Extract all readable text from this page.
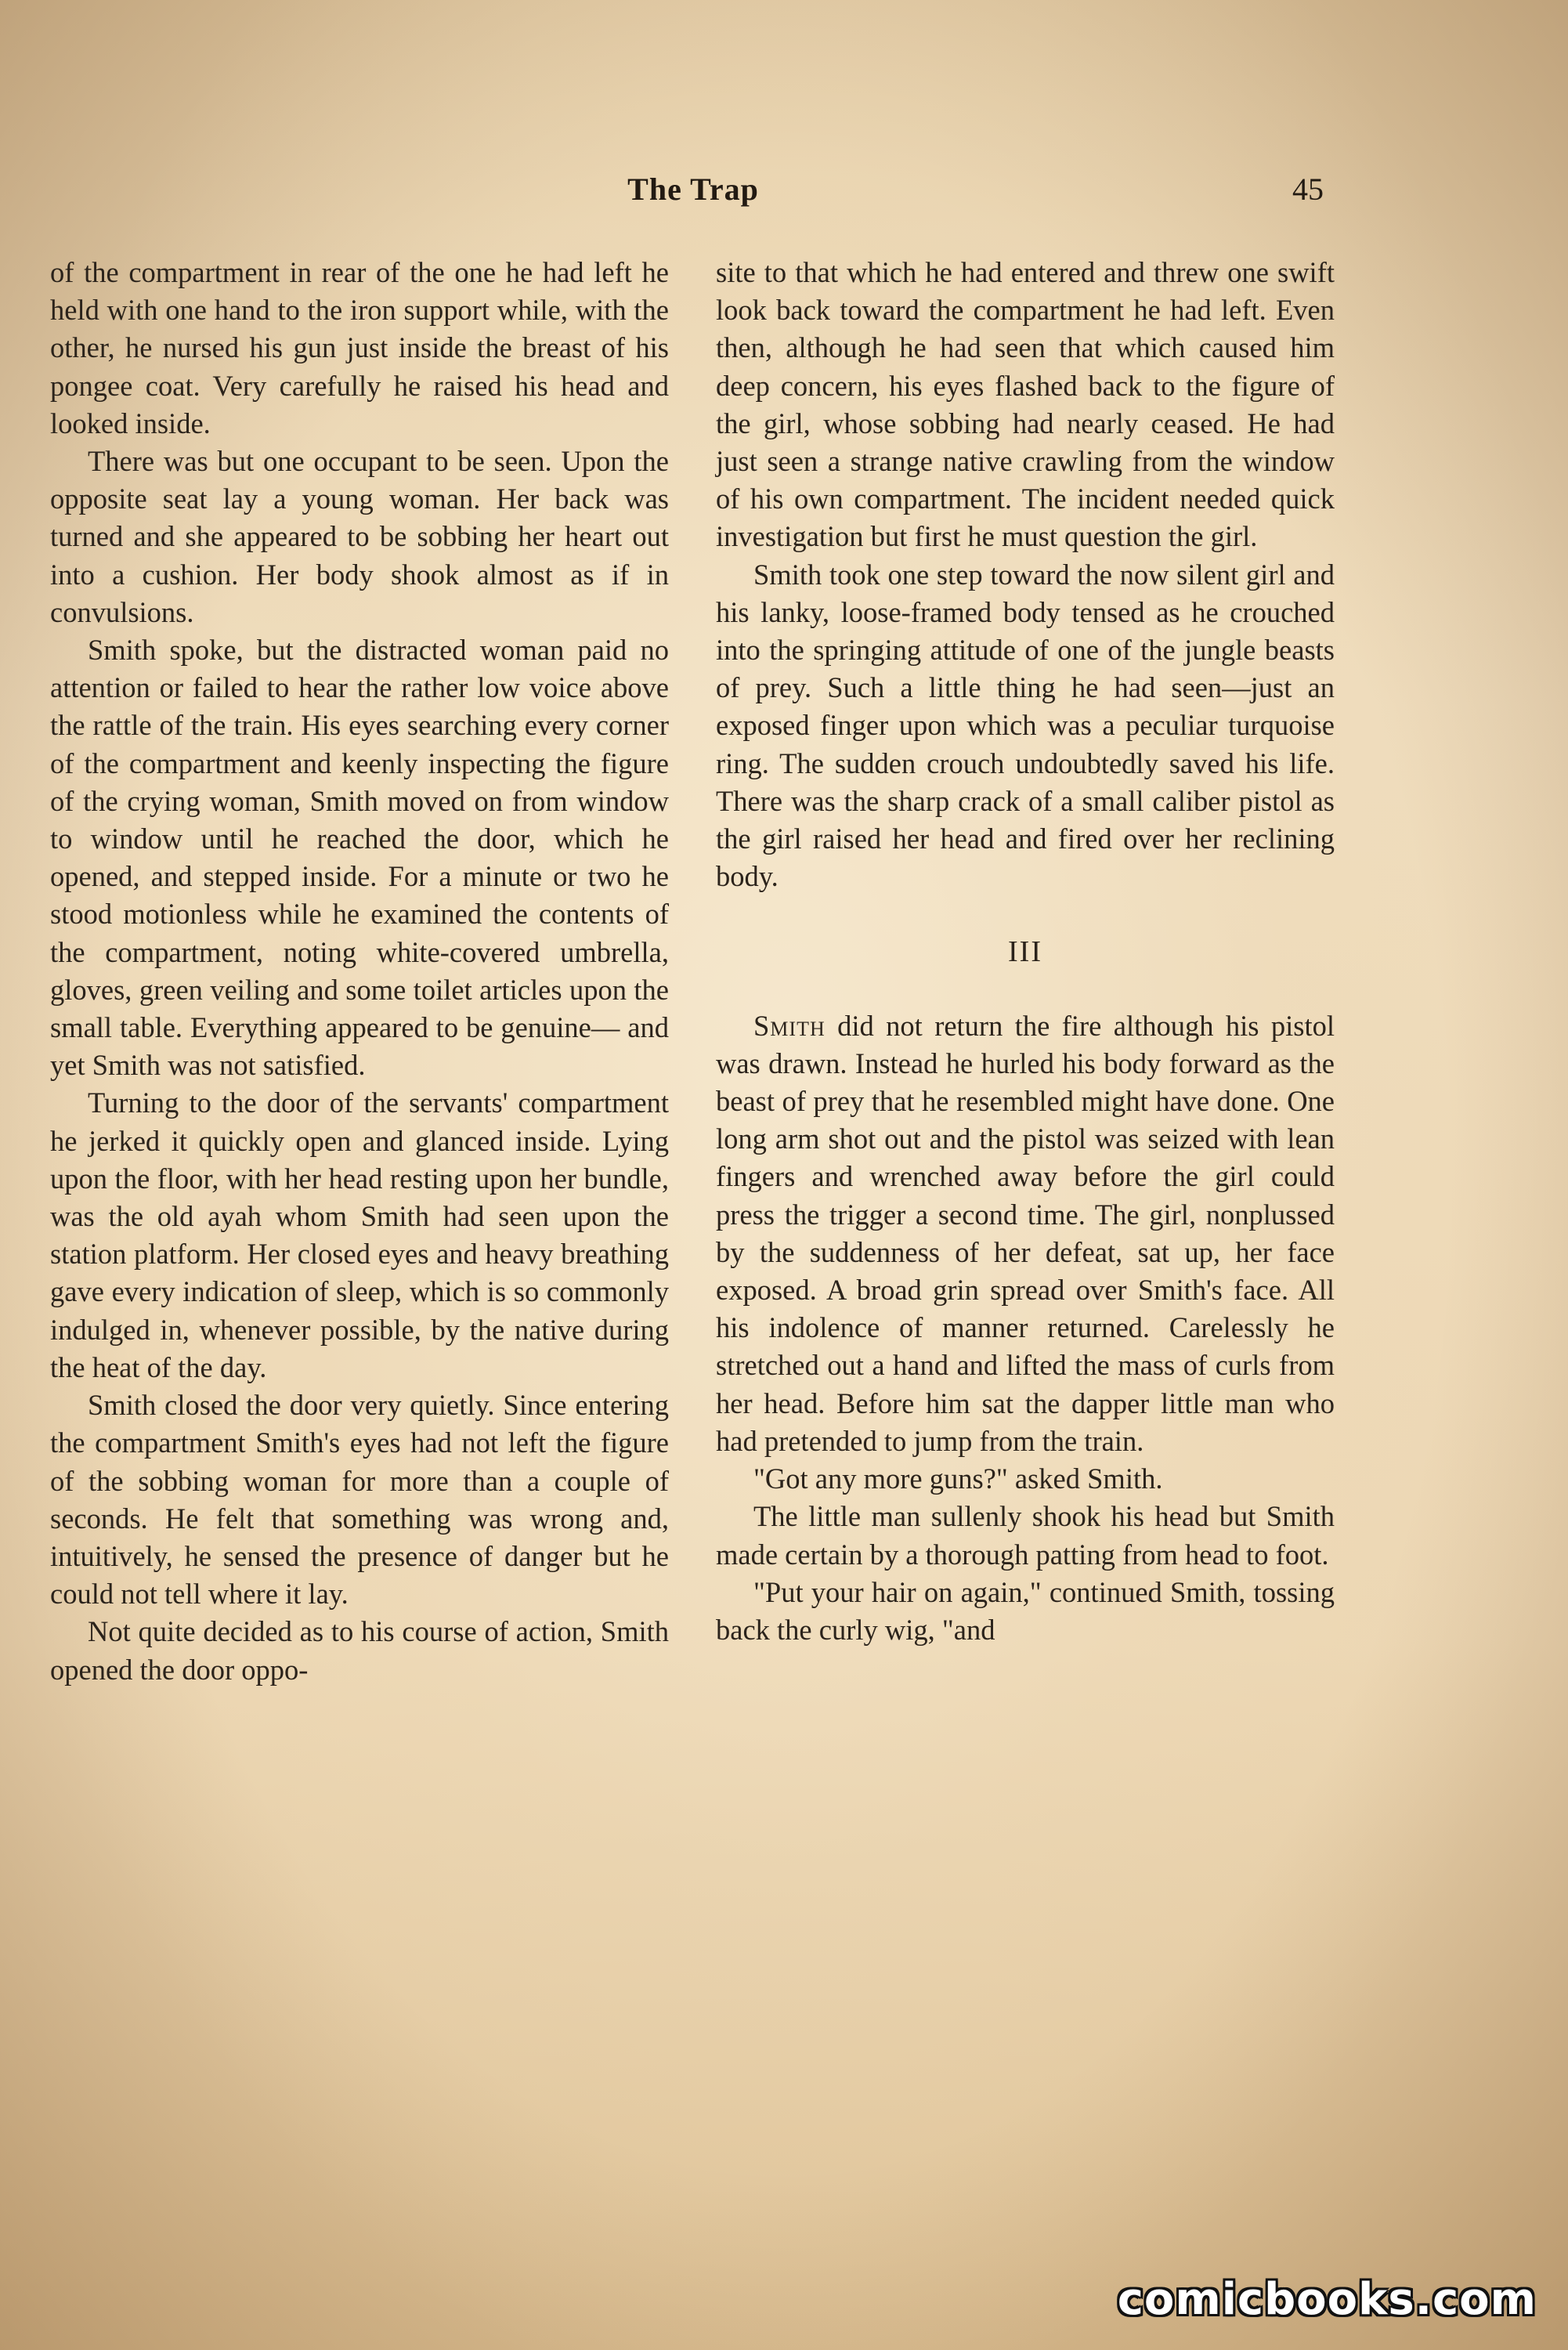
The Trap	45

of the compartment in rear of the one he had left he held with one hand to the iron support while, with the other, he nursed his gun just inside the breast of his pongee coat. Very carefully he raised his head and looked inside.

There was but one occupant to be seen. Upon the opposite seat lay a young woman. Her back was turned and she appeared to be sobbing her heart out into a cushion. Her body shook almost as if in convulsions.

Smith spoke, but the distracted woman paid no attention or failed to hear the rather low voice above the rattle of the train. His eyes searching every corner of the compartment and keenly inspecting the figure of the crying woman, Smith moved on from window to window until he reached the door, which he opened, and stepped inside. For a minute or two he stood motionless while he examined the contents of the compartment, noting white-covered umbrella, gloves, green veiling and some toilet articles upon the small table. Everything appeared to be genuine— and yet Smith was not satisfied.

Turning to the door of the servants' compartment he jerked it quickly open and glanced inside. Lying upon the floor, with her head resting upon her bundle, was the old ayah whom Smith had seen upon the station platform. Her closed eyes and heavy breathing gave every indication of sleep, which is so commonly indulged in, whenever possible, by the native during the heat of the day.

Smith closed the door very quietly. Since entering the compartment Smith's eyes had not left the figure of the sobbing woman for more than a couple of seconds. He felt that something was wrong and, intuitively, he sensed the presence of danger but he could not tell where it lay.

Not quite decided as to his course of action, Smith opened the door oppo-

site to that which he had entered and threw one swift look back toward the compartment he had left. Even then, although he had seen that which caused him deep concern, his eyes flashed back to the figure of the girl, whose sobbing had nearly ceased. He had just seen a strange native crawling from the window of his own compartment. The incident needed quick investigation but first he must question the girl.

Smith took one step toward the now silent girl and his lanky, loose-framed body tensed as he crouched into the springing attitude of one of the jungle beasts of prey. Such a little thing he had seen—just an exposed finger upon which was a peculiar turquoise ring. The sudden crouch undoubtedly saved his life. There was the sharp crack of a small caliber pistol as the girl raised her head and fired over her reclining body.

III

Smith did not return the fire although his pistol was drawn. Instead he hurled his body forward as the beast of prey that he resembled might have done. One long arm shot out and the pistol was seized with lean fingers and wrenched away before the girl could press the trigger a second time. The girl, nonplussed by the suddenness of her defeat, sat up, her face exposed. A broad grin spread over Smith's face. All his indolence of manner returned. Carelessly he stretched out a hand and lifted the mass of curls from her head. Before him sat the dapper little man who had pretended to jump from the train.

"Got any more guns?" asked Smith.

The little man sullenly shook his head but Smith made certain by a thorough patting from head to foot.

"Put your hair on again," continued Smith, tossing back the curly wig, "and

comicbooks.com
